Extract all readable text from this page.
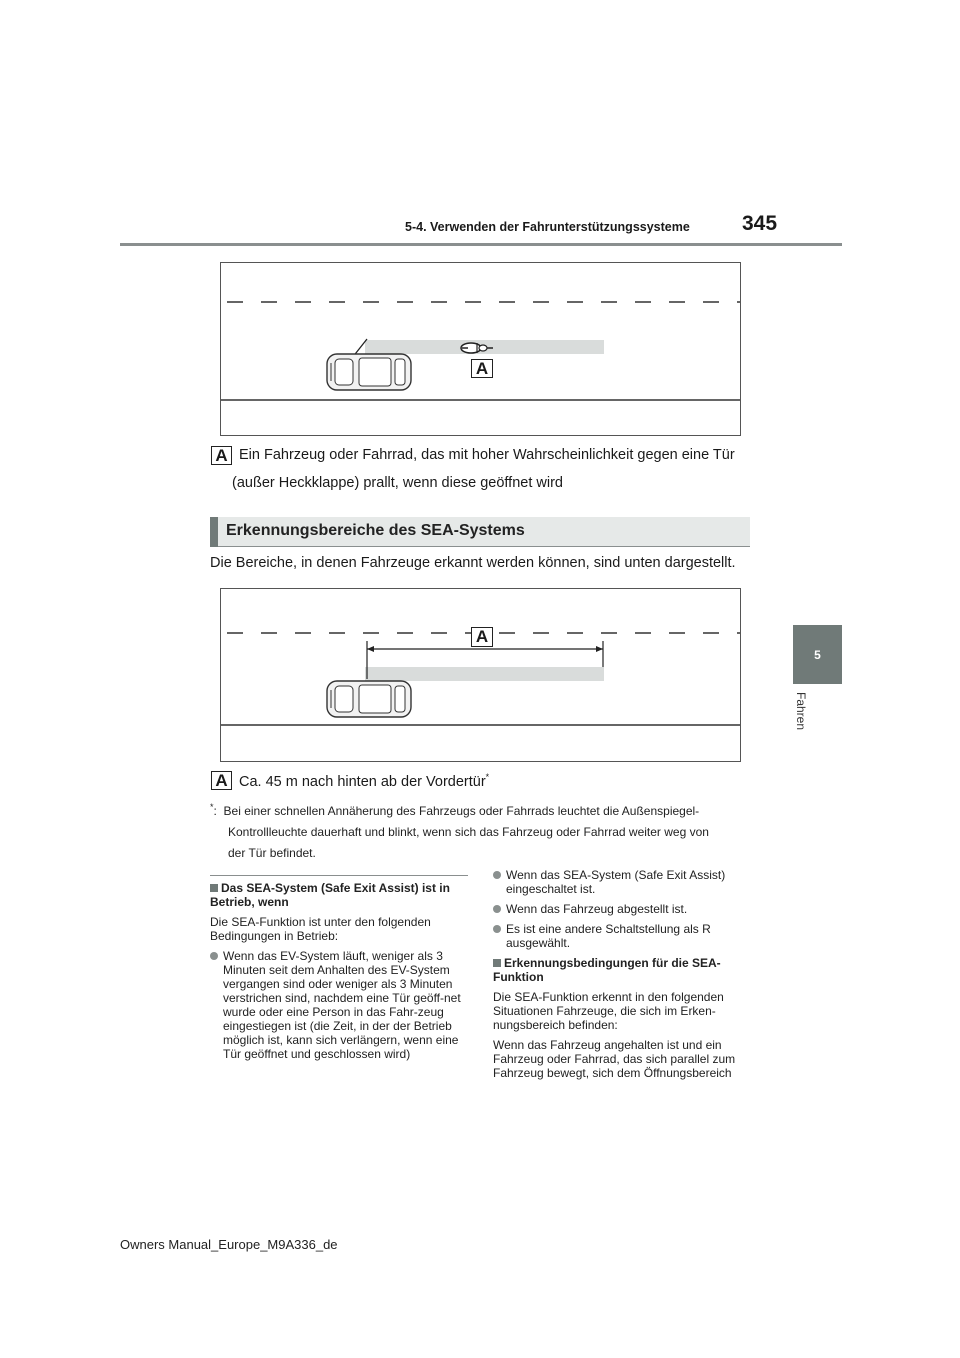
5-4. Verwenden der Fahrunterstützungssysteme 345
5
Fahren
A
A Ein Fahrzeug oder Fahrrad, das mit hoher Wahrscheinlichkeit gegen eine Tür
(außer Heckklappe) prallt, wenn diese geöffnet wird
Erkennungsbereiche des SEA-Systems
Die Bereiche, in denen Fahrzeuge erkannt werden können, sind unten dargestellt.
A
A Ca. 45 m nach hinten ab der Vordertür*
*:  Bei einer schnellen Annäherung des Fahrzeugs oder Fahrrads leuchtet die Außenspiegel-
Kontrollleuchte dauerhaft und blinkt, wenn sich das Fahrzeug oder Fahrrad weiter weg von
der Tür befindet.

Das SEA-System (Safe Exit Assist) ist in Betrieb, wenn

Die SEA-Funktion ist unter den folgenden Bedingungen in Betrieb:

Wenn das EV-System läuft, weniger als 3 Minuten seit dem Anhalten des EV-System vergangen sind oder weniger als 3 Minuten verstrichen sind, nachdem eine Tür geöff-net wurde oder eine Person in das Fahr-zeug eingestiegen ist (die Zeit, in der der Betrieb möglich ist, kann sich verlängern, wenn eine Tür geöffnet und geschlossen wird)
Wenn das SEA-System (Safe Exit Assist) eingeschaltet ist.
Wenn das Fahrzeug abgestellt ist.
Es ist eine andere Schaltstellung als R ausgewählt.

Erkennungsbedingungen für die SEA-Funktion

Die SEA-Funktion erkennt in den folgenden Situationen Fahrzeuge, die sich im Erken-nungsbereich befinden:

Wenn das Fahrzeug angehalten ist und ein Fahrzeug oder Fahrrad, das sich parallel zum Fahrzeug bewegt, sich dem Öffnungsbereich

Owners Manual_Europe_M9A336_de
